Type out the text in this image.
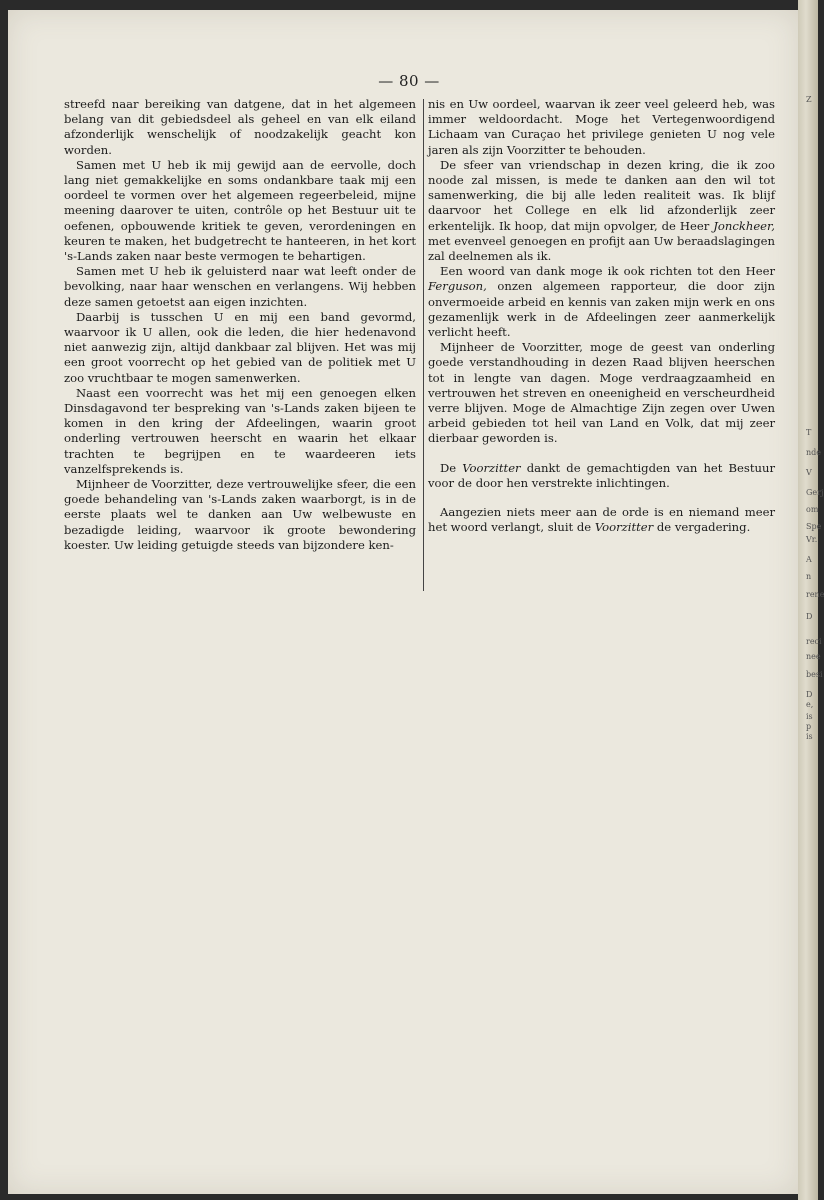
Z
T
nde
V
Gerj
om
Spe
Vr.
A
n
rene
D
reci
nee
besi
D
e,
is
p
is
— 80 —

streefd naar bereiking van datgene, dat in het algemeen belang van dit gebiedsdeel als geheel en van elk eiland afzonderlijk wenschelijk of noodzakelijk geacht kon worden.

Samen met U heb ik mij gewijd aan de eervolle, doch lang niet gemakkelijke en soms ondankbare taak mij een oordeel te vormen over het algemeen regeerbeleid, mijne meening daarover te uiten, contrôle op het Bestuur uit te oefenen, opbouwende kritiek te geven, verordeningen en keuren te maken, het budgetrecht te hanteeren, in het kort 's-Lands zaken naar beste vermogen te behartigen.

Samen met U heb ik geluisterd naar wat leeft onder de bevolking, naar haar wenschen en verlangens. Wij hebben deze samen getoetst aan eigen inzichten.

Daarbij is tusschen U en mij een band gevormd, waarvoor ik U allen, ook die leden, die hier hedenavond niet aanwezig zijn, altijd dankbaar zal blijven. Het was mij een groot voorrecht op het gebied van de politiek met U zoo vruchtbaar te mogen samenwerken.

Naast een voorrecht was het mij een genoegen elken Dinsdagavond ter bespreking van 's-Lands zaken bijeen te komen in den kring der Afdeelingen, waarin groot onderling vertrouwen heerscht en waarin het elkaar trachten te begrijpen en te waardeeren iets vanzelfsprekends is.

Mijnheer de Voorzitter, deze vertrouwelijke sfeer, die een goede behandeling van 's-Lands zaken waarborgt, is in de eerste plaats wel te danken aan Uw welbewuste en bezadigde leiding, waarvoor ik groote bewondering koester. Uw leiding getuigde steeds van bijzondere ken-

nis en Uw oordeel, waarvan ik zeer veel geleerd heb, was immer weldoordacht. Moge het Vertegenwoordigend Lichaam van Curaçao het privilege genieten U nog vele jaren als zijn Voorzitter te behouden.

De sfeer van vriendschap in dezen kring, die ik zoo noode zal missen, is mede te danken aan den wil tot samenwerking, die bij alle leden realiteit was. Ik blijf daarvoor het College en elk lid afzonderlijk zeer erkentelijk. Ik hoop, dat mijn opvolger, de Heer Jonckheer, met evenveel genoegen en profijt aan Uw beraadslagingen zal deelnemen als ik.

Een woord van dank moge ik ook richten tot den Heer Ferguson, onzen algemeen rapporteur, die door zijn onvermoeide arbeid en kennis van zaken mijn werk en ons gezamenlijk werk in de Afdeelingen zeer aanmerkelijk verlicht heeft.

Mijnheer de Voorzitter, moge de geest van onderling goede verstandhouding in dezen Raad blijven heerschen tot in lengte van dagen. Moge verdraagzaamheid en vertrouwen het streven en oneenigheid en verscheurdheid verre blijven. Moge de Almachtige Zijn zegen over Uwen arbeid gebieden tot heil van Land en Volk, dat mij zeer dierbaar geworden is.

De Voorzitter dankt de gemachtigden van het Bestuur voor de door hen verstrekte inlichtingen.

Aangezien niets meer aan de orde is en niemand meer het woord verlangt, sluit de Voorzitter de vergadering.
